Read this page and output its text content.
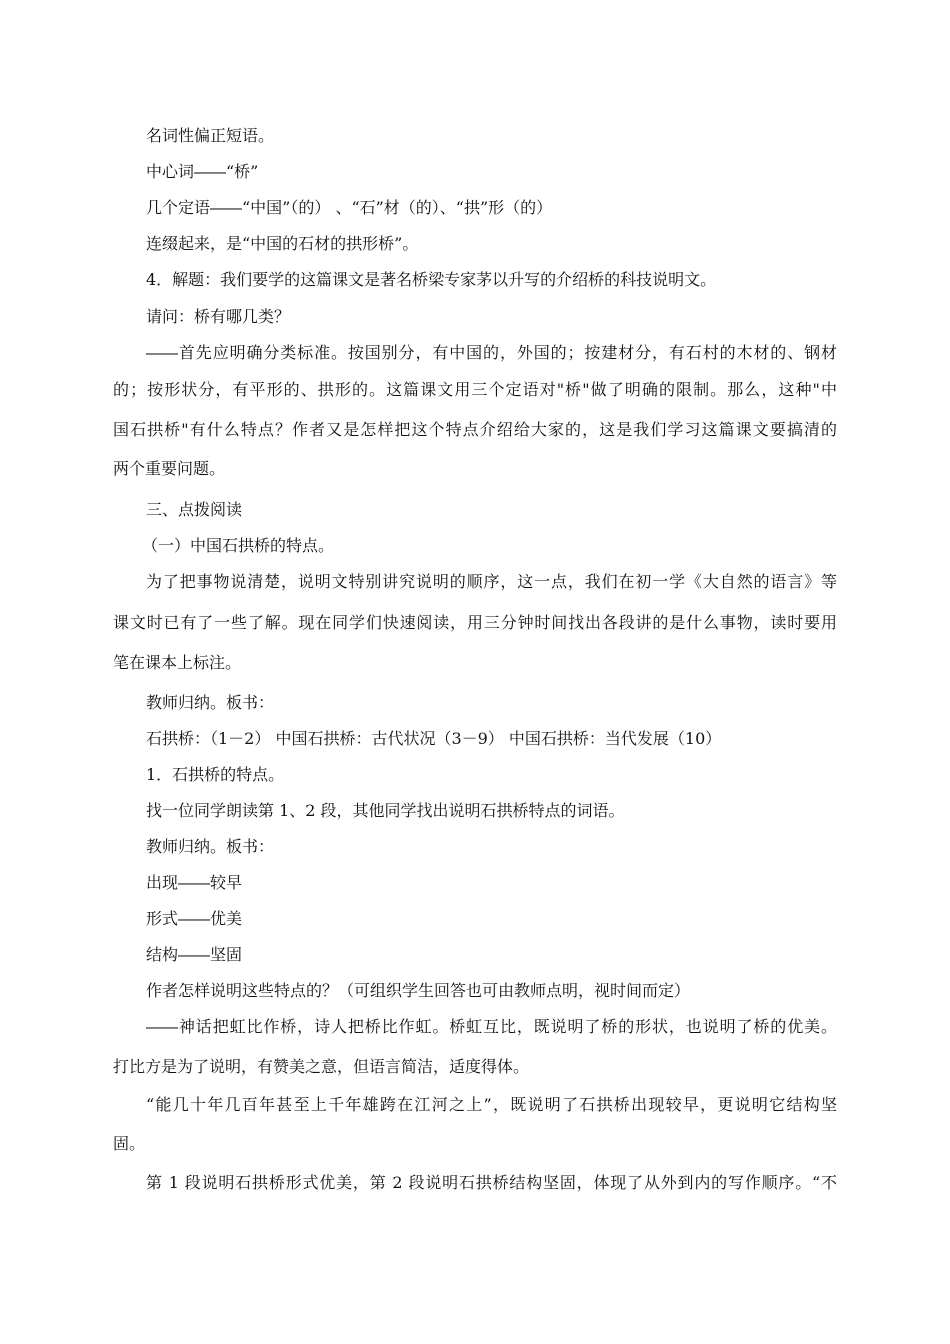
名词性偏正短语。
中心词――“桥”
几个定语――“中国”（的） 、“石”材（的）、“拱”形（的）
连缀起来，是“中国的石材的拱形桥”。
4．解题：我们要学的这篇课文是著名桥梁专家茅以升写的介绍桥的科技说明文。
请问：桥有哪几类？
――首先应明确分类标准。按国别分，有中国的，外国的；按建材分，有石村的木材的、钢材
的；按形状分，有平形的、拱形的。这篇课文用三个定语对"桥"做了明确的限制。那么，这种"中
国石拱桥"有什么特点？作者又是怎样把这个特点介绍给大家的，这是我们学习这篇课文要搞清的
两个重要问题。
三、点拨阅读
（一）中国石拱桥的特点。
为了把事物说清楚，说明文特别讲究说明的顺序，这一点，我们在初一学《大自然的语言》等
课文时已有了一些了解。现在同学们快速阅读，用三分钟时间找出各段讲的是什么事物，读时要用
笔在课本上标注。
教师归纳。板书：
石拱桥：（1－2） 中国石拱桥：古代状况（3－9） 中国石拱桥：当代发展（10）
1．石拱桥的特点。
找一位同学朗读第 1、2 段，其他同学找出说明石拱桥特点的词语。
教师归纳。板书：
出现――较早
形式――优美
结构――坚固
作者怎样说明这些特点的？（可组织学生回答也可由教师点明，视时间而定）
――神话把虹比作桥，诗人把桥比作虹。桥虹互比，既说明了桥的形状，也说明了桥的优美。
打比方是为了说明，有赞美之意，但语言简洁，适度得体。
“能几十年几百年甚至上千年雄跨在江河之上”，既说明了石拱桥出现较早，更说明它结构坚
固。
第 1 段说明石拱桥形式优美，第 2 段说明石拱桥结构坚固，体现了从外到内的写作顺序。“不
